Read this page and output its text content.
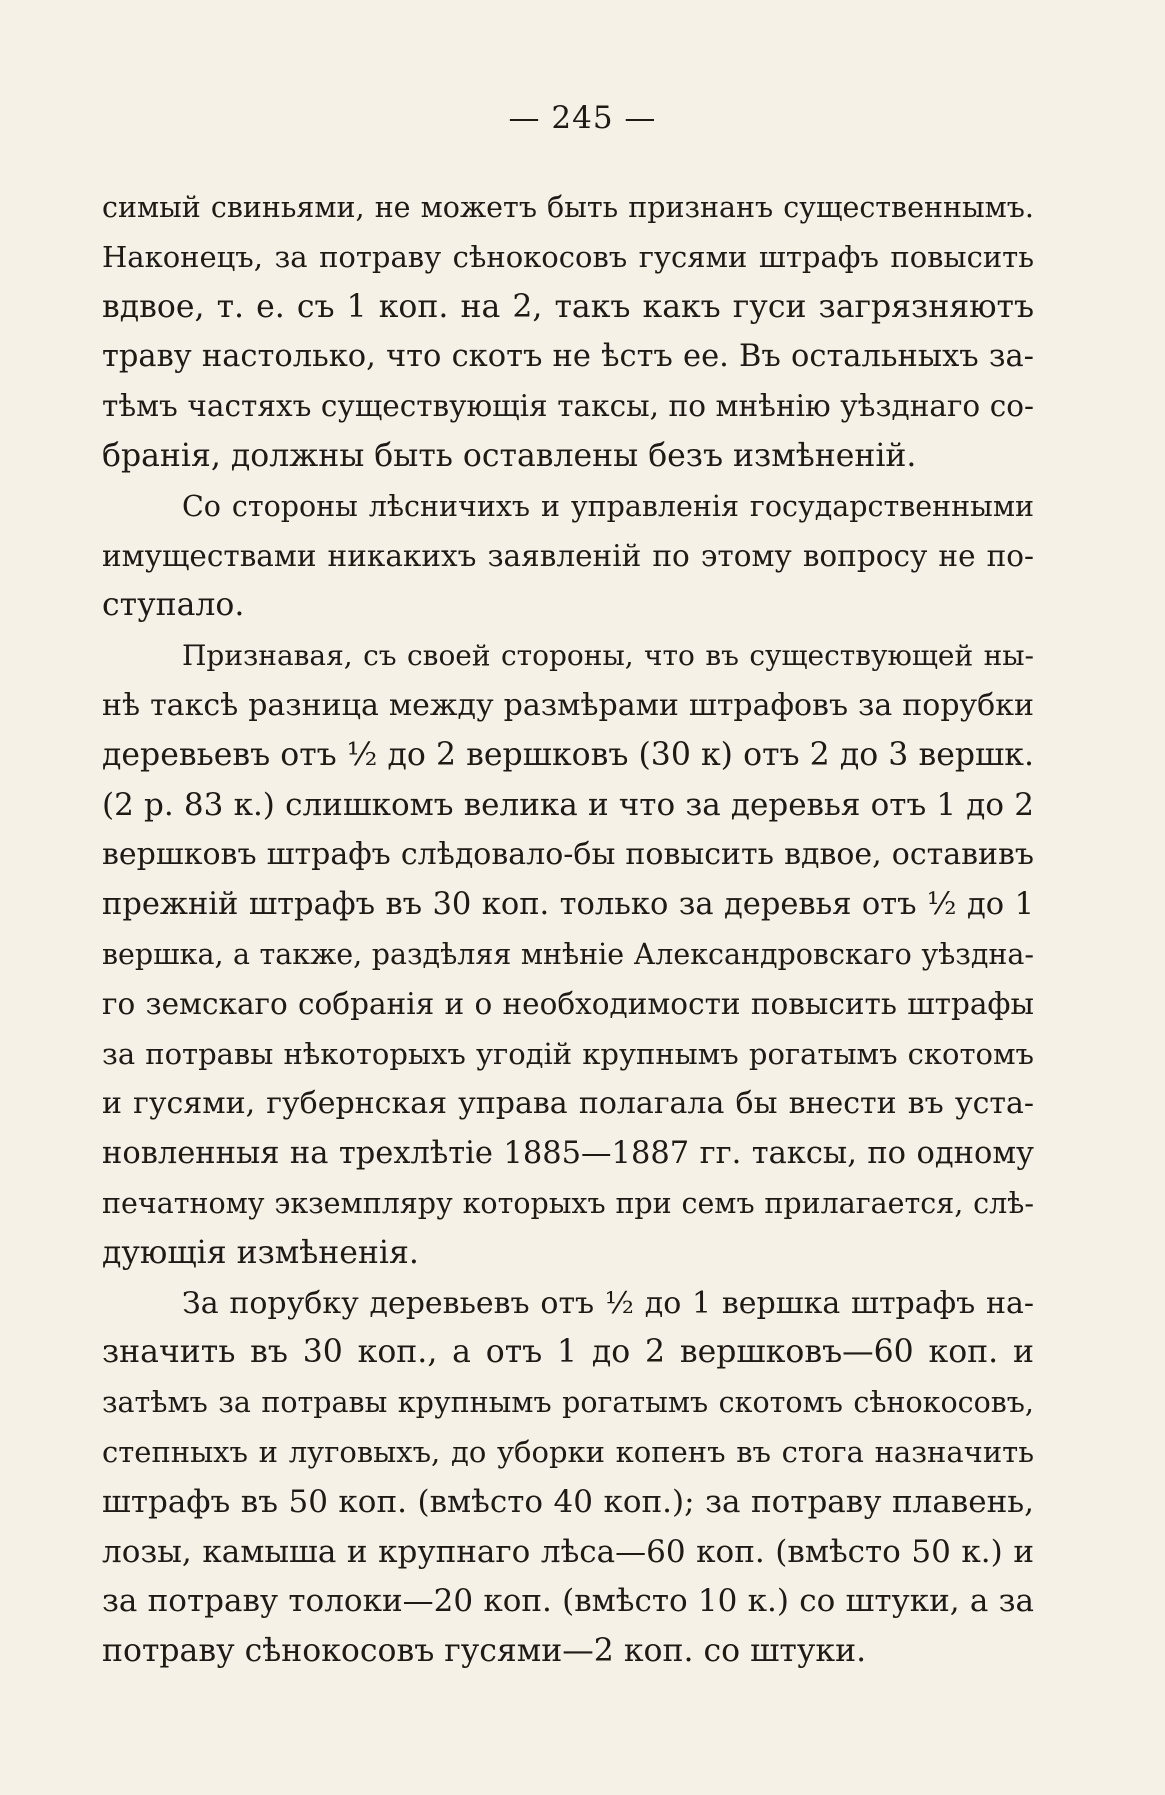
— 245 —
симый свиньями, не можетъ быть признанъ существеннымъ.
Наконецъ, за потраву сѣнокосовъ гусями штрафъ повысить
вдвое, т. е. съ 1 коп. на 2, такъ какъ гуси загрязняютъ
траву настолько, что скотъ не ѣстъ ее. Въ остальныхъ за-
тѣмъ частяхъ существующія таксы, по мнѣнію уѣзднаго со-
бранія, должны быть оставлены безъ измѣненій.
Со стороны лѣсничихъ и управленія государственными
имуществами никакихъ заявленій по этому вопросу не по-
ступало.
Признавая, съ своей стороны, что въ существующей ны-
нѣ таксѣ разница между размѣрами штрафовъ за порубки
деревьевъ отъ ½ до 2 вершковъ (30 к) отъ 2 до 3 вершк.
(2 р. 83 к.) слишкомъ велика и что за деревья отъ 1 до 2
вершковъ штрафъ слѣдовало-бы повысить вдвое, оставивъ
прежній штрафъ въ 30 коп. только за деревья отъ ½ до 1
вершка, а также, раздѣляя мнѣніе Александровскаго уѣздна-
го земскаго собранія и о необходимости повысить штрафы
за потравы нѣкоторыхъ угодій крупнымъ рогатымъ скотомъ
и гусями, губернская управа полагала бы внести въ уста-
новленныя на трехлѣтіе 1885—1887 гг. таксы, по одному
печатному экземпляру которыхъ при семъ прилагается, слѣ-
дующія измѣненія.
За порубку деревьевъ отъ ½ до 1 вершка штрафъ на-
значить въ 30 коп., а отъ 1 до 2 вершковъ—60 коп. и
затѣмъ за потравы крупнымъ рогатымъ скотомъ сѣнокосовъ,
степныхъ и луговыхъ, до уборки копенъ въ стога назначить
штрафъ въ 50 коп. (вмѣсто 40 коп.); за потраву плавень,
лозы, камыша и крупнаго лѣса—60 коп. (вмѣсто 50 к.) и
за потраву толоки—20 коп. (вмѣсто 10 к.) со штуки, а за
потраву сѣнокосовъ гусями—2 коп. со штуки.
